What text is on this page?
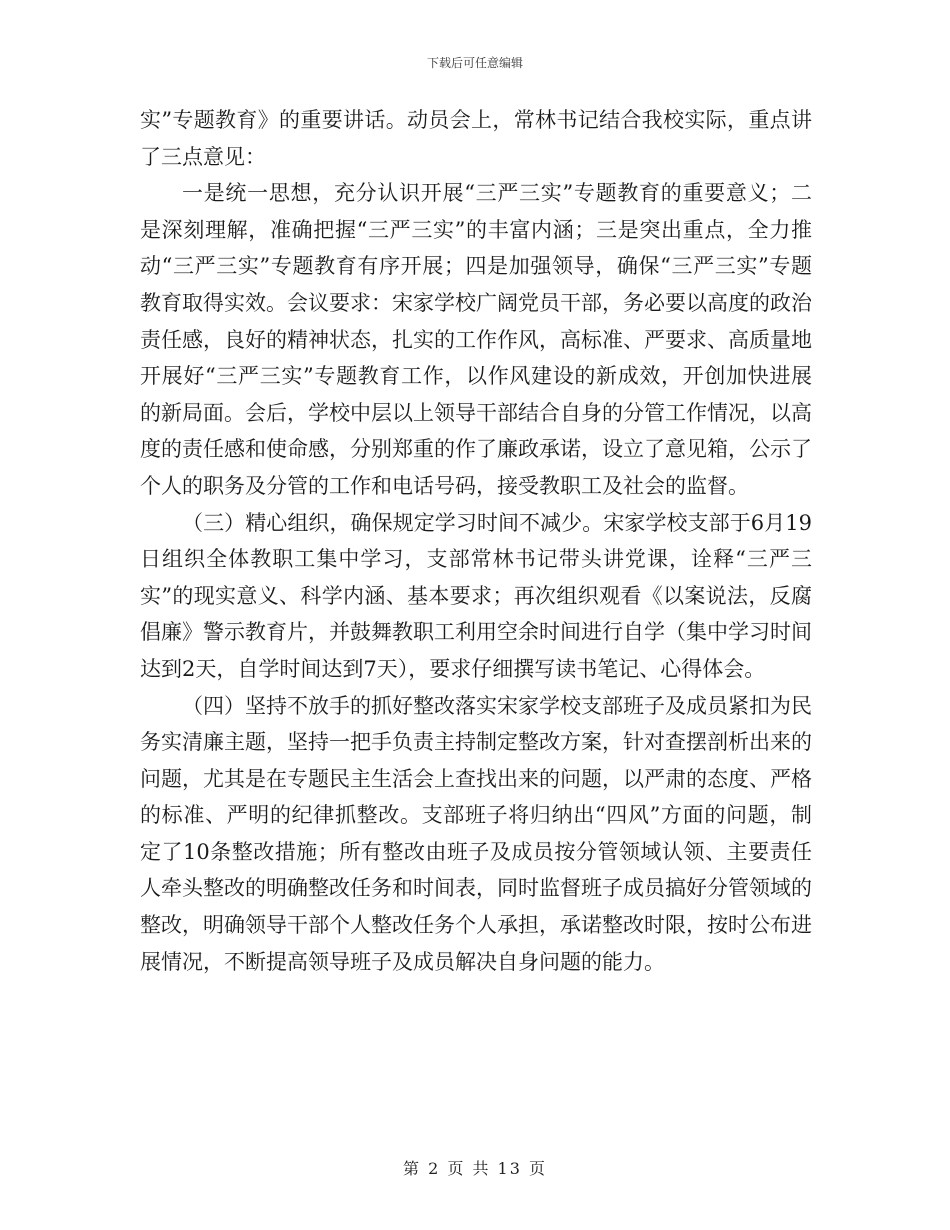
下载后可任意编辑

实”专题教育》的重要讲话。动员会上，常林书记结合我校实际，重点讲了三点意见：

一是统一思想，充分认识开展“三严三实”专题教育的重要意义；二是深刻理解，准确把握“三严三实”的丰富内涵；三是突出重点，全力推动“三严三实”专题教育有序开展；四是加强领导，确保“三严三实”专题教育取得实效。会议要求：宋家学校广阔党员干部，务必要以高度的政治责任感，良好的精神状态，扎实的工作作风，高标准、严要求、高质量地开展好“三严三实”专题教育工作，以作风建设的新成效，开创加快进展的新局面。会后，学校中层以上领导干部结合自身的分管工作情况，以高度的责任感和使命感，分别郑重的作了廉政承诺，设立了意见箱，公示了个人的职务及分管的工作和电话号码，接受教职工及社会的监督。

（三）精心组织，确保规定学习时间不减少。宋家学校支部于6月19日组织全体教职工集中学习，支部常林书记带头讲党课，诠释“三严三实”的现实意义、科学内涵、基本要求；再次组织观看《以案说法，反腐倡廉》警示教育片，并鼓舞教职工利用空余时间进行自学（集中学习时间达到2天，自学时间达到7天），要求仔细撰写读书笔记、心得体会。

（四）坚持不放手的抓好整改落实宋家学校支部班子及成员紧扣为民务实清廉主题，坚持一把手负责主持制定整改方案，针对查摆剖析出来的问题，尤其是在专题民主生活会上查找出来的问题，以严肃的态度、严格的标准、严明的纪律抓整改。支部班子将归纳出“四风”方面的问题，制定了10条整改措施；所有整改由班子及成员按分管领域认领、主要责任人牵头整改的明确整改任务和时间表，同时监督班子成员搞好分管领域的整改，明确领导干部个人整改任务个人承担，承诺整改时限，按时公布进展情况，不断提高领导班子及成员解决自身问题的能力。

第 2 页 共 13 页
